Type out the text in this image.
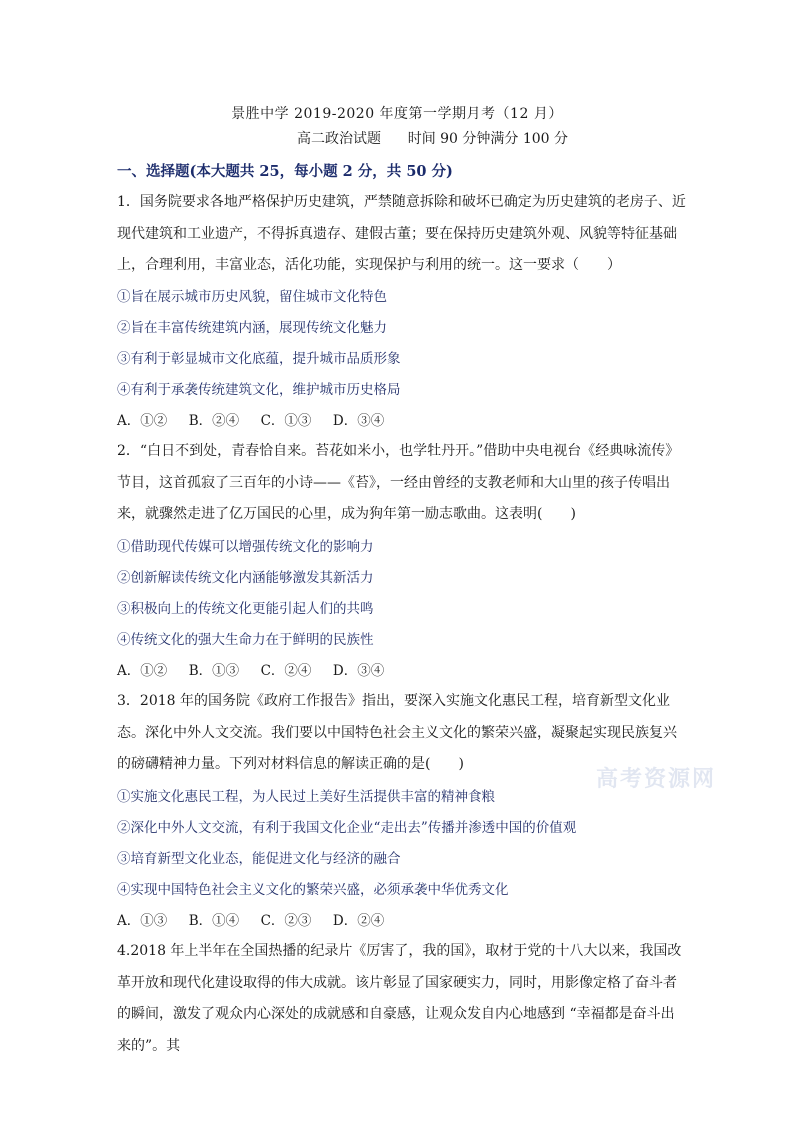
景胜中学 2019-2020 年度第一学期月考（12 月）
高二政治试题      时间 90 分钟满分 100 分
一、选择题(本大题共 25，每小题 2 分，共 50 分)
1．国务院要求各地严格保护历史建筑，严禁随意拆除和破坏已确定为历史建筑的老房子、近现代建筑和工业遗产，不得拆真遗存、建假古董；要在保持历史建筑外观、风貌等特征基础上，合理利用，丰富业态，活化功能，实现保护与利用的统一。这一要求（　　）
①旨在展示城市历史风貌，留住城市文化特色
②旨在丰富传统建筑内涵，展现传统文化魅力
③有利于彰显城市文化底蕴，提升城市品质形象
④有利于承袭传统建筑文化，维护城市历史格局
A．①②     B．②④     C．①③     D．③④
2．“白日不到处，青春恰自来。苔花如米小，也学牡丹开。”借助中央电视台《经典咏流传》节目，这首孤寂了三百年的小诗——《苔》，一经由曾经的支教老师和大山里的孩子传唱出来，就骤然走进了亿万国民的心里，成为狗年第一励志歌曲。这表明(　　)
①借助现代传媒可以增强传统文化的影响力
②创新解读传统文化内涵能够激发其新活力
③积极向上的传统文化更能引起人们的共鸣
④传统文化的强大生命力在于鲜明的民族性
A．①②     B．①③     C．②④     D．③④
3．2018 年的国务院《政府工作报告》指出，要深入实施文化惠民工程，培育新型文化业态。深化中外人文交流。我们要以中国特色社会主义文化的繁荣兴盛，凝聚起实现民族复兴的磅礴精神力量。下列对材料信息的解读正确的是(　　)
①实施文化惠民工程，为人民过上美好生活提供丰富的精神食粮
②深化中外人文交流，有利于我国文化企业“走出去”传播并渗透中国的价值观
③培育新型文化业态，能促进文化与经济的融合
④实现中国特色社会主义文化的繁荣兴盛，必须承袭中华优秀文化
A．①③     B．①④     C．②③     D．②④
4.2018 年上半年在全国热播的纪录片《厉害了，我的国》，取材于党的十八大以来，我国改革开放和现代化建设取得的伟大成就。该片彰显了国家硬实力，同时，用影像定格了奋斗者的瞬间，激发了观众内心深处的成就感和自豪感，让观众发自内心地感到 “幸福都是奋斗出来的”。其
高考资源网
